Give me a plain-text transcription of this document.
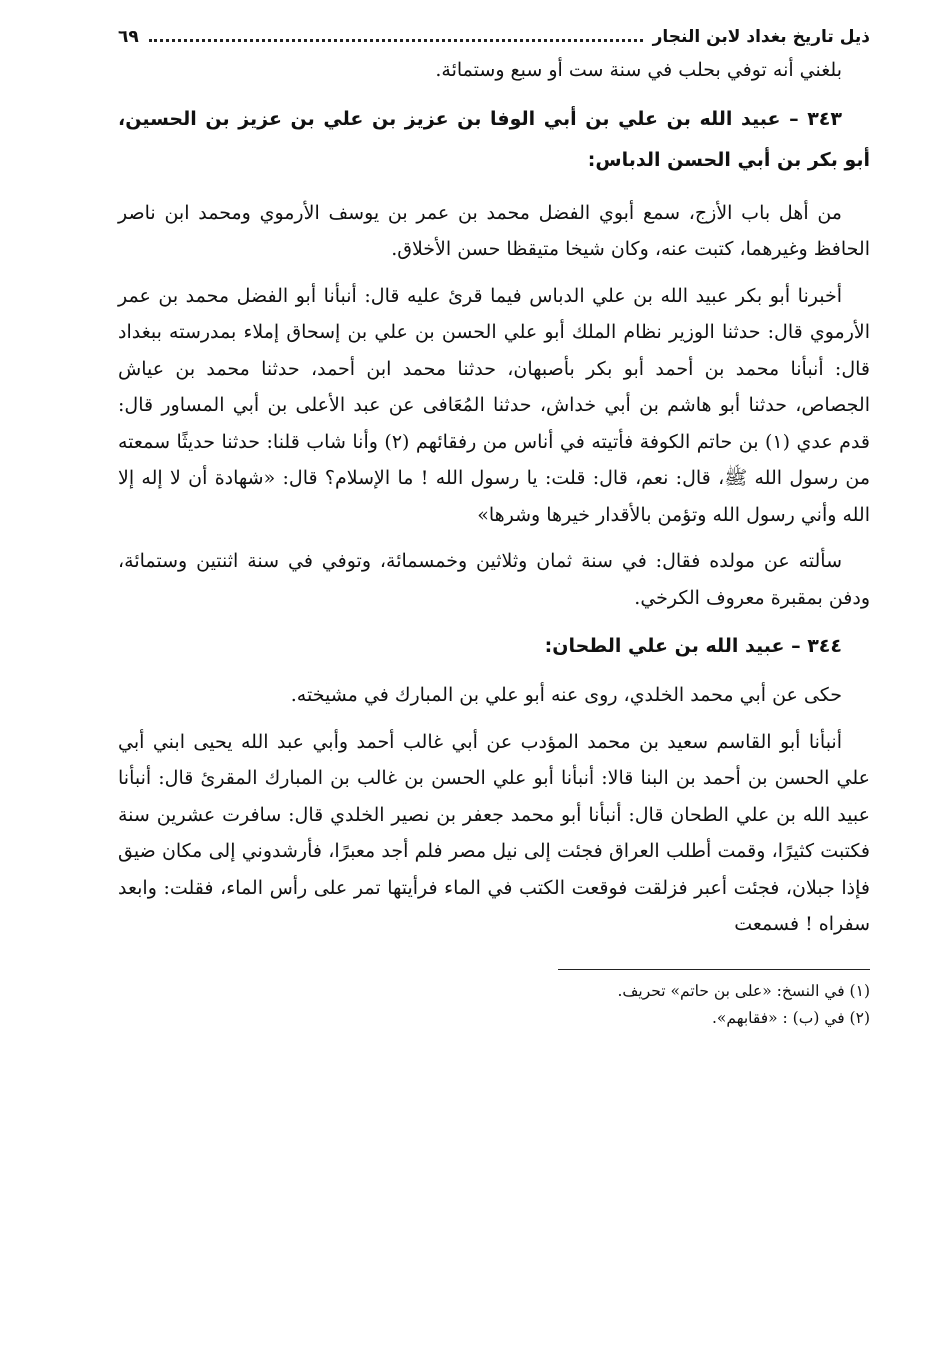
ذيل تاريخ بغداد لابن النجار
٦٩

بلغني أنه توفي بحلب في سنة ست أو سبع وستمائة.

٣٤٣ – عبيد الله بن علي بن أبي الوفا بن عزيز بن علي بن عزيز بن الحسين، أبو بكر بن أبي الحسن الدباس:

من أهل باب الأزج، سمع أبوي الفضل محمد بن عمر بن يوسف الأرموي ومحمد ابن ناصر الحافظ وغيرهما، كتبت عنه، وكان شيخا متيقظا حسن الأخلاق.

أخبرنا أبو بكر عبيد الله بن علي الدباس فيما قرئ عليه قال: أنبأنا أبو الفضل محمد بن عمر الأرموي قال: حدثنا الوزير نظام الملك أبو علي الحسن بن علي بن إسحاق إملاء بمدرسته ببغداد قال: أنبأنا محمد بن أحمد أبو بكر بأصبهان، حدثنا محمد ابن أحمد، حدثنا محمد بن عياش الجصاص، حدثنا أبو هاشم بن أبي خداش، حدثنا المُعَافى عن عبد الأعلى بن أبي المساور قال: قدم عدي (١) بن حاتم الكوفة فأتيته في أناس من رفقائهم (٢) وأنا شاب قلنا: حدثنا حديثًا سمعته من رسول الله ﷺ، قال: نعم، قال: قلت: يا رسول الله ! ما الإسلام؟ قال: «شهادة أن لا إله إلا الله وأني رسول الله وتؤمن بالأقدار خيرها وشرها»

سألته عن مولده فقال: في سنة ثمان وثلاثين وخمسمائة، وتوفي في سنة اثنتين وستمائة، ودفن بمقبرة معروف الكرخي.

٣٤٤ – عبيد الله بن علي الطحان:

حكى عن أبي محمد الخلدي، روى عنه أبو علي بن المبارك في مشيخته.

أنبأنا أبو القاسم سعيد بن محمد المؤدب عن أبي غالب أحمد وأبي عبد الله يحيى ابني أبي علي الحسن بن أحمد بن البنا قالا: أنبأنا أبو علي الحسن بن غالب بن المبارك المقرئ قال: أنبأنا عبيد الله بن علي الطحان قال: أنبأنا أبو محمد جعفر بن نصير الخلدي قال: سافرت عشرين سنة فكتبت كثيرًا، وقمت أطلب العراق فجئت إلى نيل مصر فلم أجد معبرًا، فأرشدوني إلى مكان ضيق فإذا جبلان، فجئت أعبر فزلقت فوقعت الكتب في الماء فرأيتها تمر على رأس الماء، فقلت: وابعد سفراه ! فسمعت

(١) في النسخ: «على بن حاتم» تحريف.

(٢) في (ب) : «فقابهم».
